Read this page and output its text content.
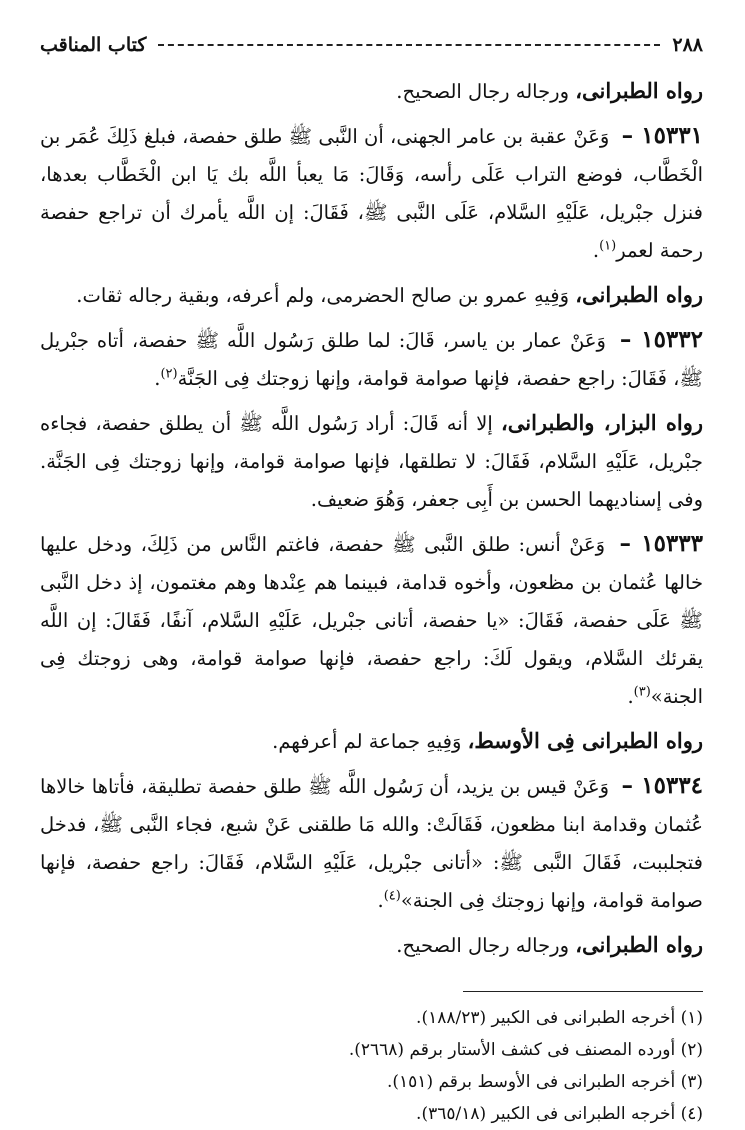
٢٨٨
كتاب المناقب

رواه الطبرانى، ورجاله رجال الصحيح.

١٥٣٣١ – وَعَنْ عقبة بن عامر الجهنى، أن النَّبى ﷺ طلق حفصة، فبلغ ذَلِكَ عُمَر بن الْخَطَّاب، فوضع التراب عَلَى رأسه، وَقَالَ: مَا يعبأ اللَّه بك يَا ابن الْخَطَّاب بعدها، فنزل جبْريل، عَلَيْهِ السَّلام، عَلَى النَّبى ﷺ، فَقَالَ: إن اللَّه يأمرك أن تراجع حفصة رحمة لعمر$^{(١)}$.

رواه الطبرانى، وَفِيهِ عمرو بن صالح الحضرمى، ولم أعرفه، وبقية رجاله ثقات.

١٥٣٣٢ – وَعَنْ عمار بن ياسر، قَالَ: لما طلق رَسُول اللَّه ﷺ حفصة، أتاه جبْريل ﷺ، فَقَالَ: راجع حفصة، فإنها صوامة قوامة، وإنها زوجتك فِى الجَنَّة$^{(٢)}$.

رواه البزار، والطبرانى، إلا أنه قَالَ: أراد رَسُول اللَّه ﷺ أن يطلق حفصة، فجاءه جبْريل، عَلَيْهِ السَّلام، فَقَالَ: لا تطلقها، فإنها صوامة قوامة، وإنها زوجتك فِى الجَنَّة. وفى إسناديهما الحسن بن أَبِى جعفر، وَهُوَ ضعيف.

١٥٣٣٣ – وَعَنْ أنس: طلق النَّبى ﷺ حفصة، فاغتم النَّاس من ذَلِكَ، ودخل عليها خالها عُثمان بن مظعون، وأخوه قدامة، فبينما هم عِنْدها وهم مغتمون، إذ دخل النَّبى ﷺ عَلَى حفصة، فَقَالَ: «يا حفصة، أتانى جبْريل، عَلَيْهِ السَّلام، آنفًا، فَقَالَ: إن اللَّه يقرئك السَّلام، ويقول لَكَ: راجع حفصة، فإنها صوامة قوامة، وهى زوجتك فِى الجنة»$^{(٣)}$.

رواه الطبرانى فِى الأوسط، وَفِيهِ جماعة لم أعرفهم.

١٥٣٣٤ – وَعَنْ قيس بن يزيد، أن رَسُول اللَّه ﷺ طلق حفصة تطليقة، فأتاها خالاها عُثمان وقدامة ابنا مظعون، فَقَالَتْ: والله مَا طلقنى عَنْ شبع، فجاء النَّبى ﷺ، فدخل فتجلببت، فَقَالَ النَّبى ﷺ: «أتانى جبْريل، عَلَيْهِ السَّلام، فَقَالَ: راجع حفصة، فإنها صوامة قوامة، وإنها زوجتك فِى الجنة»$^{(٤)}$.

رواه الطبرانى، ورجاله رجال الصحيح.

(١) أخرجه الطبرانى فى الكبير (١٨٨/٢٣).

(٢) أورده المصنف فى كشف الأستار برقم (٢٦٦٨).

(٣) أخرجه الطبرانى فى الأوسط برقم (١٥١).

(٤) أخرجه الطبرانى فى الكبير (٣٦٥/١٨).
